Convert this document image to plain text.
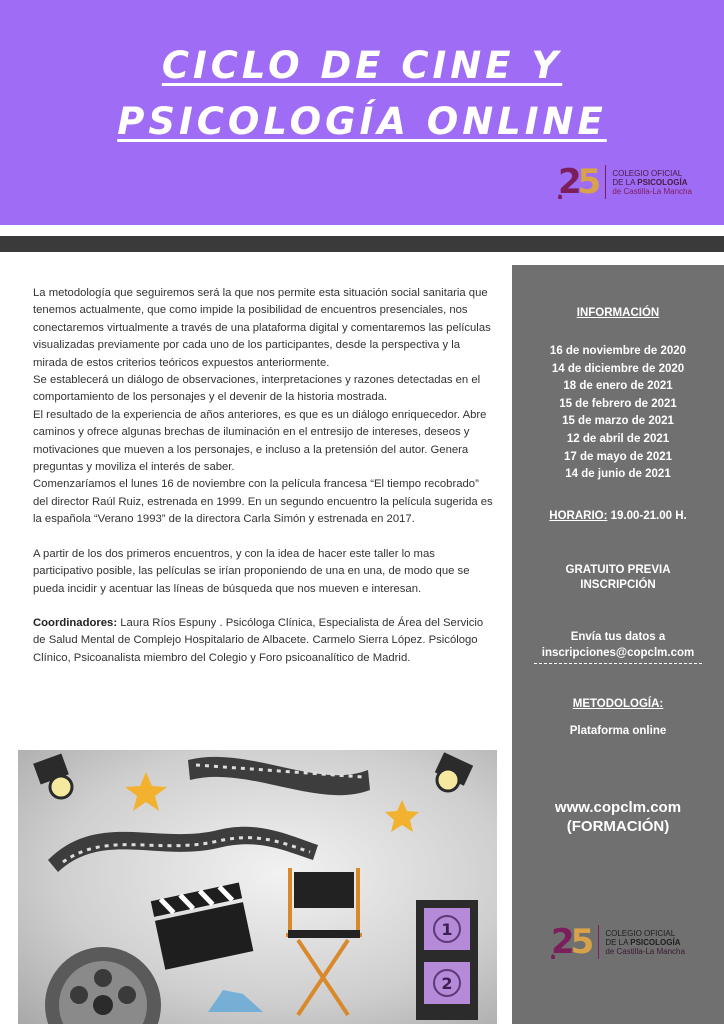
CICLO DE CINE Y
PSICOLOGÍA ONLINE
25 COLEGIO OFICIAL
DE LA PSICOLOGÍA
de Castilla-La Mancha

La metodología que seguiremos será la que nos permite esta situación social sanitaria que tenemos actualmente, que como impide la posibilidad de encuentros presenciales, nos conectaremos virtualmente a través de una plataforma digital y comentaremos las películas visualizadas previamente por cada uno de los participantes, desde la perspectiva y la mirada de estos criterios teóricos expuestos anteriormente.

Se establecerá un diálogo de observaciones, interpretaciones y razones detectadas en el comportamiento de los personajes y el devenir de la historia mostrada.

El resultado de la experiencia de años anteriores, es que es un diálogo enriquecedor. Abre caminos y ofrece algunas brechas de iluminación en el entresijo de intereses, deseos y motivaciones que mueven a los personajes, e incluso a la pretensión del autor. Genera preguntas y moviliza el interés de saber.

Comenzaríamos el lunes 16 de noviembre con la película francesa “El tiempo recobrado” del director Raúl Ruiz, estrenada en 1999. En un segundo encuentro la película sugerida es la española “Verano 1993” de la directora Carla Simón y estrenada en 2017.

A partir de los dos primeros encuentros, y con la idea de hacer este taller lo mas participativo posible, las películas se irían proponiendo de una en una, de modo que se pueda incidir y acentuar las líneas de búsqueda que nos mueven e interesan.

Coordinadores: Laura Ríos Espuny . Psicóloga Clínica, Especialista de Área del Servicio de Salud Mental de Complejo Hospitalario de Albacete. Carmelo Sierra López. Psicólogo Clínico, Psicoanalista miembro del Colegio y Foro psicoanalítico de Madrid.

1
2
INFORMACIÓN
16 de noviembre de 2020
14 de diciembre de 2020
18 de enero de 2021
15 de febrero de 2021
15 de marzo de 2021
12 de abril de 2021
17 de mayo de 2021
14 de junio de 2021
HORARIO: 19.00-21.00 H.
GRATUITO PREVIA
INSCRIPCIÓN
Envía tus datos a
inscripciones@copclm.com
METODOLOGÍA:
Plataforma online
www.copclm.com
(FORMACIÓN)
25 COLEGIO OFICIAL
DE LA PSICOLOGÍA
de Castilla-La Mancha
